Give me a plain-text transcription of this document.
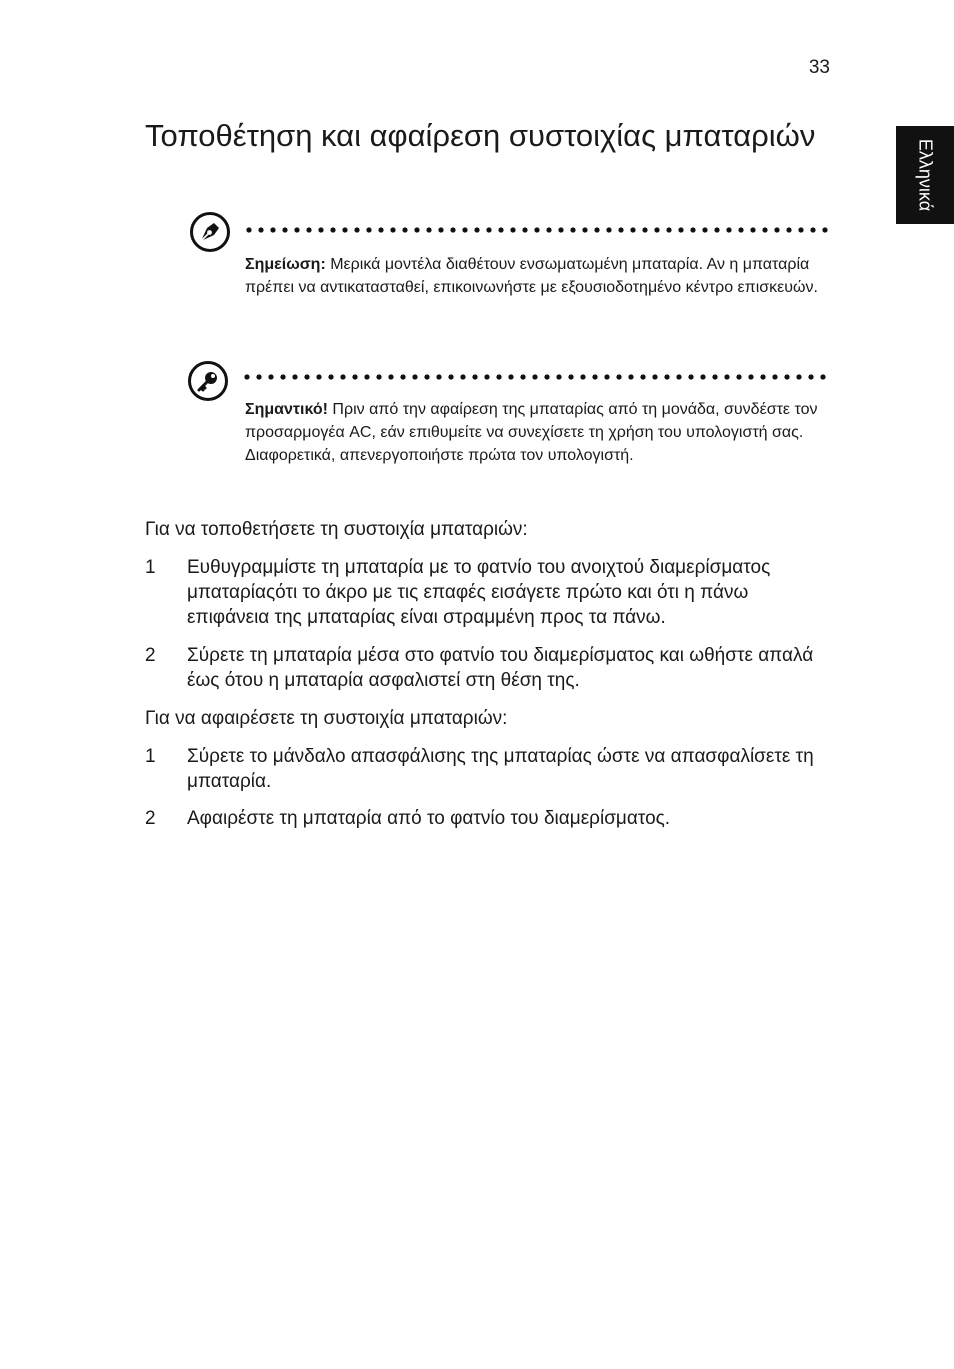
33
Ελληνικά
Τοποθέτηση και αφαίρεση συστοιχίας μπαταριών

Σημείωση: Μερικά μοντέλα διαθέτουν ενσωματωμένη μπαταρία. Αν η μπαταρία πρέπει να αντικατασταθεί, επικοινωνήστε με εξουσιοδοτημένο κέντρο επισκευών.

Σημαντικό! Πριν από την αφαίρεση της μπαταρίας από τη μονάδα, συνδέστε τον προσαρμογέα AC, εάν επιθυμείτε να συνεχίσετε τη χρήση του υπολογιστή σας. Διαφορετικά, απενεργοποιήστε πρώτα τον υπολογιστή.

Για να τοποθετήσετε τη συστοιχία μπαταριών:

1 Ευθυγραμμίστε τη μπαταρία με το φατνίο του ανοιχτού διαμερίσματος μπαταρίαςότι το άκρο με τις επαφές εισάγετε πρώτο και ότι η πάνω επιφάνεια της μπαταρίας είναι στραμμένη προς τα πάνω.
2 Σύρετε τη μπαταρία μέσα στο φατνίο του διαμερίσματος και ωθήστε απαλά έως ότου η μπαταρία ασφαλιστεί στη θέση της.

Για να αφαιρέσετε τη συστοιχία μπαταριών:

1 Σύρετε το μάνδαλο απασφάλισης της μπαταρίας ώστε να απασφαλίσετε τη μπαταρία.
2 Αφαιρέστε τη μπαταρία από το φατνίο του διαμερίσματος.
